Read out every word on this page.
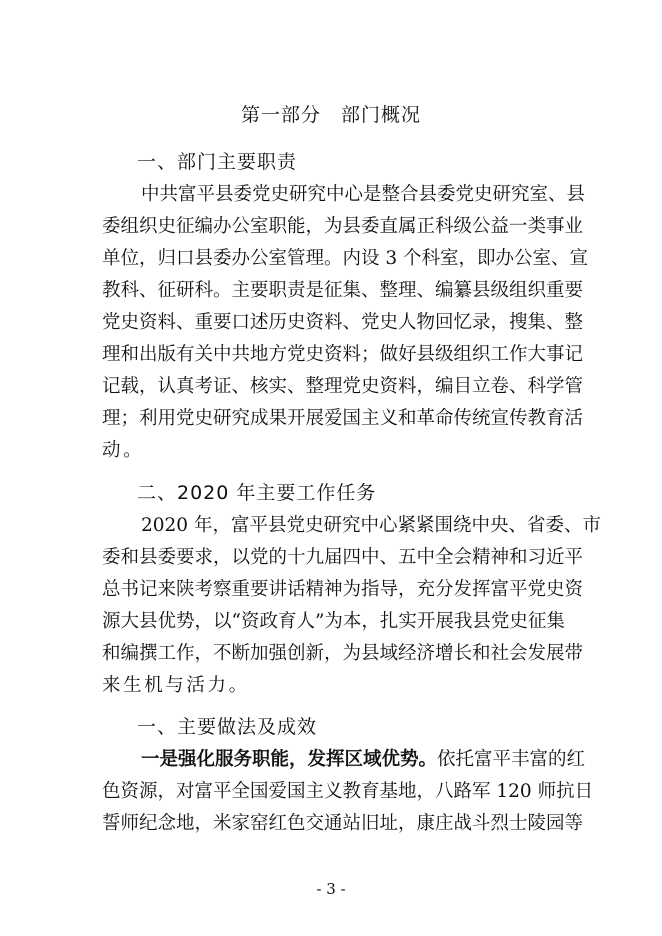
第一部分　部门概况
一、部门主要职责
中共富平县委党史研究中心是整合县委党史研究室、县
委组织史征编办公室职能，为县委直属正科级公益一类事业
单位，归口县委办公室管理。内设 3 个科室，即办公室、宣
教科、征研科。主要职责是征集、整理、编纂县级组织重要
党史资料、重要口述历史资料、党史人物回忆录，搜集、整
理和出版有关中共地方党史资料；做好县级组织工作大事记
记载，认真考证、核实、整理党史资料，编目立卷、科学管
理；利用党史研究成果开展爱国主义和革命传统宣传教育活
动。
二、2020 年主要工作任务
2020 年，富平县党史研究中心紧紧围绕中央、省委、市
委和县委要求，以党的十九届四中、五中全会精神和习近平
总书记来陕考察重要讲话精神为指导，充分发挥富平党史资
源大县优势，以“资政育人”为本，扎实开展我县党史征集
和编撰工作，不断加强创新，为县域经济增长和社会发展带
来生机与活力。
一、主要做法及成效
一是强化服务职能，发挥区域优势。依托富平丰富的红
色资源，对富平全国爱国主义教育基地，八路军 120 师抗日
誓师纪念地，米家窑红色交通站旧址，康庄战斗烈士陵园等
- 3 -
